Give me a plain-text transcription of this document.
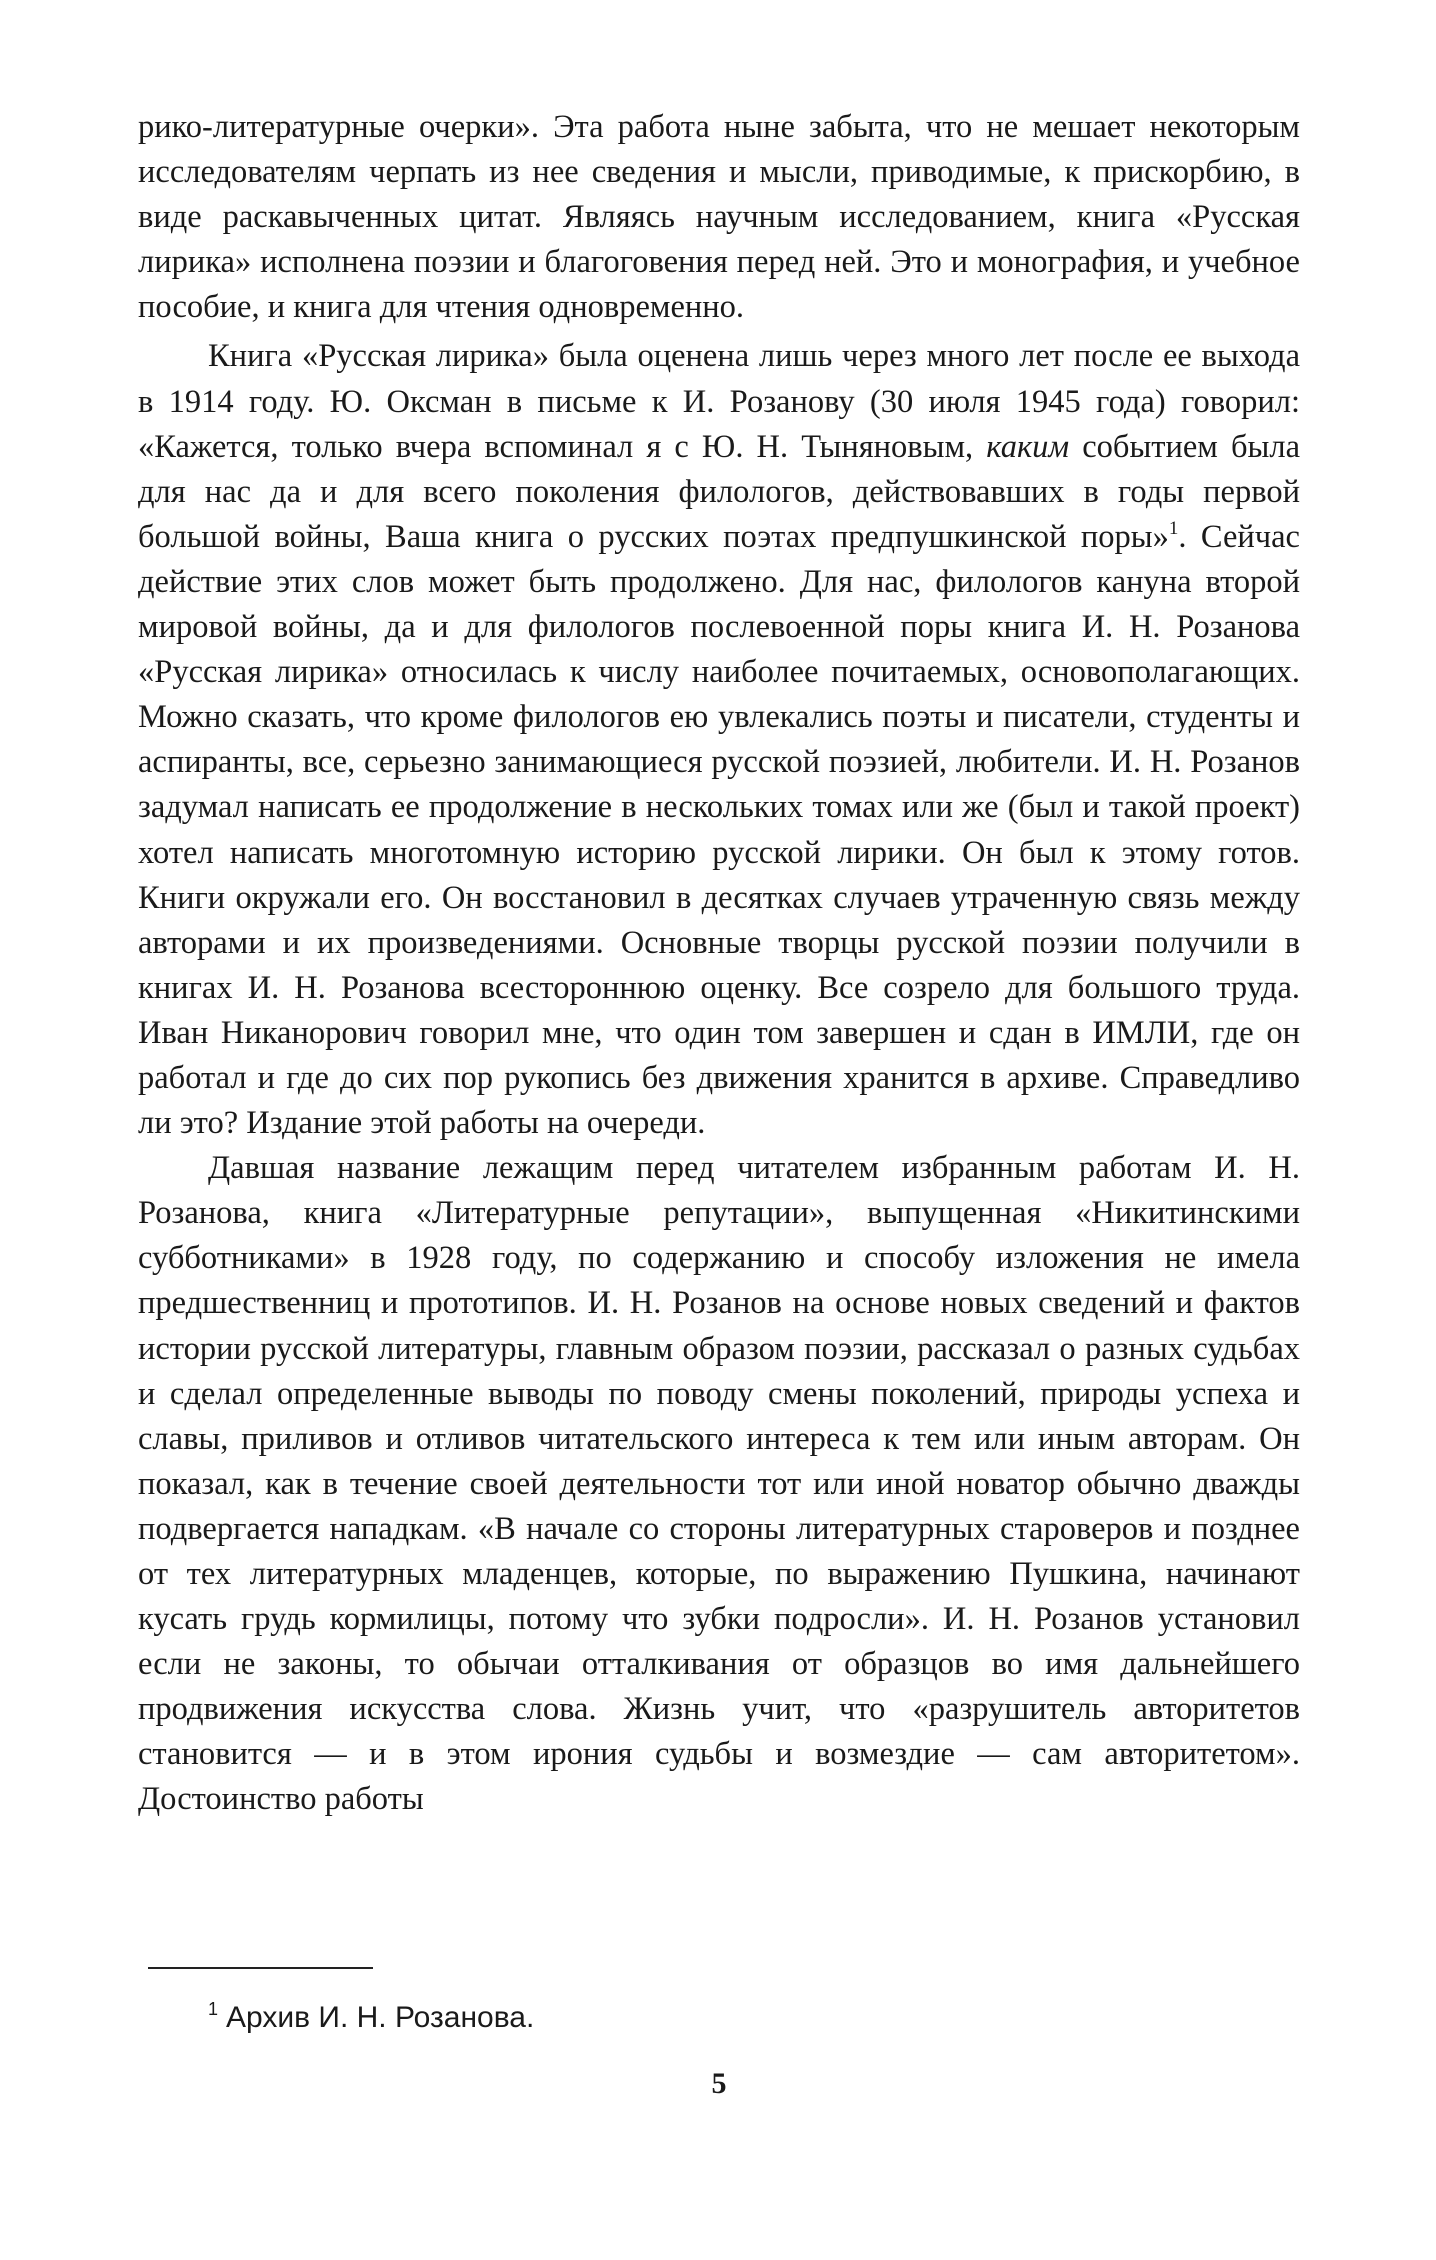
рико-литературные очерки». Эта работа ныне забыта, что не мешает некоторым исследователям черпать из нее сведения и мысли, приводимые, к прискорбию, в виде раскавыченных цитат. Являясь научным исследованием, книга «Русская лирика» исполнена поэзии и благоговения перед ней. Это и монография, и учебное пособие, и книга для чтения одновременно.

Книга «Русская лирика» была оценена лишь через много лет после ее выхода в 1914 году. Ю. Оксман в письме к И. Розанову (30 июля 1945 года) говорил: «Кажется, только вчера вспоминал я с Ю. Н. Тыняновым, каким событием была для нас да и для всего поколения филологов, действовавших в годы первой большой войны, Ваша книга о русских поэтах предпушкинской поры»$^1$. Сейчас действие этих слов может быть продолжено. Для нас, филологов кануна второй мировой войны, да и для филологов послевоенной поры книга И. Н. Розанова «Русская лирика» относилась к числу наиболее почитаемых, основополагающих. Можно сказать, что кроме филологов ею увлекались поэты и писатели, студенты и аспиранты, все, серьезно занимающиеся русской поэзией, любители. И. Н. Розанов задумал написать ее продолжение в нескольких томах или же (был и такой проект) хотел написать многотомную историю русской лирики. Он был к этому готов. Книги окружали его. Он восстановил в десятках случаев утраченную связь между авторами и их произведениями. Основные творцы русской поэзии получили в книгах И. Н. Розанова всестороннюю оценку. Все созрело для большого труда. Иван Никанорович говорил мне, что один том завершен и сдан в ИМЛИ, где он работал и где до сих пор рукопись без движения хранится в архиве. Справедливо ли это? Издание этой работы на очереди.

Давшая название лежащим перед читателем избранным работам И. Н. Розанова, книга «Литературные репутации», выпущенная «Никитинскими субботниками» в 1928 году, по содержанию и способу изложения не имела предшественниц и прототипов. И. Н. Розанов на основе новых сведений и фактов истории русской литературы, главным образом поэзии, рассказал о разных судьбах и сделал определенные выводы по поводу смены поколений, природы успеха и славы, приливов и отливов читательского интереса к тем или иным авторам. Он показал, как в течение своей деятельности тот или иной новатор обычно дважды подвергается нападкам. «В начале со стороны литературных староверов и позднее от тех литературных младенцев, которые, по выражению Пушкина, начинают кусать грудь кормилицы, потому что зубки подросли». И. Н. Розанов установил если не законы, то обычаи отталкивания от образцов во имя дальнейшего продвижения искусства слова. Жизнь учит, что «разрушитель авторитетов становится — и в этом ирония судьбы и возмездие — сам авторитетом». Достоинство работы

$^1$ Архив И. Н. Розанова.
5
